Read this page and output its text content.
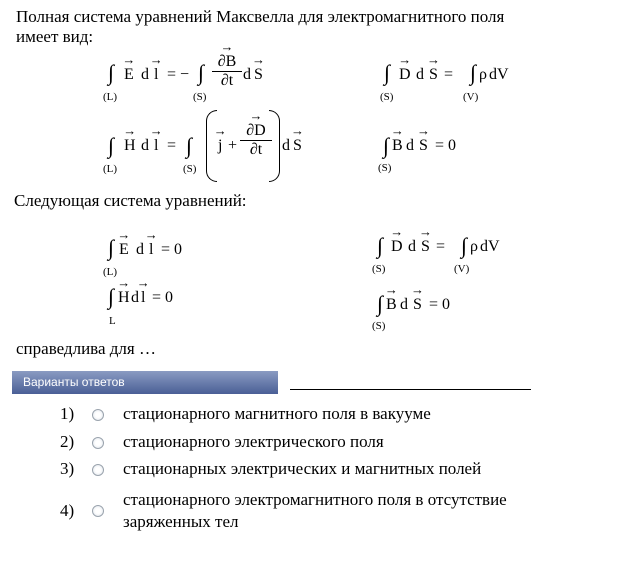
Полная система уравнений Максвелла для электромагнитного поля
имеет вид:
∫
(L)
→ E d → l = − ∫
(S)
→ $\frac{\partial B}{\partial t}$ d → S	∫
(S)
→ D d → S = ∫
(V)
ρ dV
∫
(L)
→ H d → l = ∫
(S)
→ j + → $\frac{\partial D}{\partial t}$ d → S	∫
(S)
→ B d → S = 0
Следующая система уравнений:
∫
(L)
→ E d → l = 0
∫
L
→ H d → l = 0
∫
(S)
→ D d → S = ∫
(V)
ρ dV
∫
(S)
→ B d → S = 0
справедлива для …
Варианты ответов
1)	стационарного магнитного поля в вакууме
2)	стационарного электрического поля
3)	стационарных электрических и магнитных полей
4)
стационарного электромагнитного поля в отсутствие
заряженных тел
